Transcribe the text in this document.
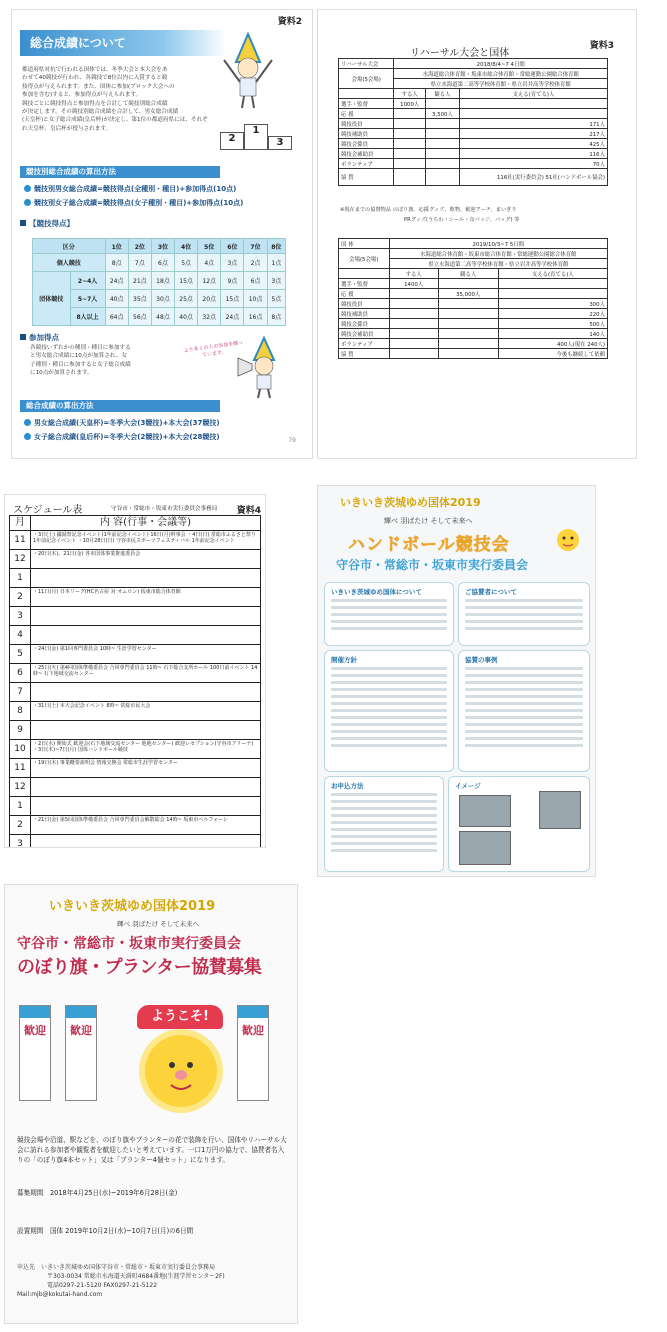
資料2
総合成績について
2
1
3
都道府県対抗で行われる国体では、冬季大会と本大会をあ
わせて40競技が行われ、各競技で8位以内に入賞すると競
技得点が与えられます。また、国体に参加(ブロック大会への
参加を含む)すると、参加得点が与えられます。
競技ごとに競技得点と参加得点を合計して競技別総合成績
が決定します。その競技別総合成績を合計して、男女総合成績
(天皇杯)と女子総合成績(皇后杯)が決定し、第1位の都道府県には、それぞ
れ天皇杯、皇后杯が授与されます。
競技別総合成績の算出方法
競技別男女総合成績=競技得点(全種別・種目)+参加得点(10点)
競技別女子総合成績=競技得点(女子種別・種目)+参加得点(10点)
【競技得点】
区分		1位	2位	3位	4位	5位	6位	7位	8位
個人競技		8点	7点	6点	5点	4点	3点	2点	1点
団体競技	2~4人	24点	21点	18点	15点	12点	9点	6点	3点
	5~7人	40点	35点	30点	25点	20点	15点	10点	5点
	8人以上	64点	56点	48点	40点	32点	24点	16点	8点
参加得点
各競技いずれかの種別・種目に参加する
と男女総合成績に10点が加算され、女
子種別・種目に参加すると女子総合成績
に10点が加算されます。
より多くの人の参加を願っています。
総合成績の算出方法
男女総合成績(天皇杯)=冬季大会(3競技)+本大会(37競技)
女子総合成績(皇后杯)=冬季大会(2競技)+本大会(28競技)	79
資料3
リハーサル大会と国体
リハーサル大会	2018/8/4~7 4日間		
会場(5会場)	水海道総合体育館・坂東市総合体育館・常総運動公園総合体育館		
	県立水海道第二高等学校体育館・県立岩井高等学校体育館		
	する人	観る人	支える(育てる)人
選手・監督	1000人		
応 援		3,500人	
競技役員			171人
競技補助員			217人
競技会係員			425人
競技会補助員			116人
ボランティア			70人
協 賛			116社(実行委員会) 51社(ハンドボール協会)
※現在までの協賛物品 のぼり旗、応援グッズ、飲物、歓迎アーチ、まいぎり
PRグッズ(うちわ・シール・缶バッジ、バッグ) 等
国 体	2019/10/3~7 5日間		
会場(5会場)	水海道総合体育館・坂東市総合体育館・常総運動公園総合体育館		
	県立水海道第二高等学校体育館・県立岩井高等学校体育館		
	する人	観る人	支える(育てる)人
選手・監督	1400人		
応 援		35,000人	
競技役員			300人
競技補助員			220人
競技会係員			500人
競技会補助員			140人
ボランティア			400人(現在 240人)
協 賛			今後も継続して依頼
スケジュール表	守谷市・常総市・坂東市実行委員会事務局 資料4
月	内 容(行事・会議等)
11	・3日(土) 國湯祭記念イベント(1年前記念イベント) 16日(月)幹事会 ・4日(日) 常総市ふるさと祭り 1年前記念イベント ・10月28日(日) 守谷市民スポーツフェスティバル 1年前記念イベント
12	・20日(木)、21日(金) 各市国体事業推進委員会
1	
2	・11日(月) 日本リーグ(HC名古屋 対 オムロン) 坂東市総合体育館
3	
4	
5	・24日(金) 第1回専門委員会 10時~ 生涯学習センター
6	・25日(火) 第4回国体準備委員会 合同専門委員会 11時~ 石下総合支所ホール 100日前イベント 14時~ 石下地域交流センター
7	
8	・31日(土) 本大会記念イベント 8時~ 常総市民大会
9	
10	・2日(水) 開始式 歓迎会(石下地域交流センター 他地センター) 歓迎レセプション(守谷市アリーナ) ・3日(木)~7日(月) 国体ハンドボール競技
11	・19日(木) 事業概要説明会 情報交換会 常総市生涯学習センター
12	
1	
2	・21日(金) 第5回国体準備委員会 合同専門委員会解散総会 14時~ 坂東市ベルフォーレ
3	
いきいき茨城ゆめ国体2019
輝べ 羽ばたけ そして未来へ
ハンドボール競技会
守谷市・常総市・坂東市実行委員会
いきいき茨城ゆめ国体について	ご協賛者について
開催方針	協賛の事例
お申込方法	イメージ
いきいき茨城ゆめ国体2019
輝べ 羽ばたけ そして未来へ
守谷市・常総市・坂東市実行委員会
のぼり旗・プランター協賛募集
歓迎	歓迎	歓迎
ようこそ!
競技会場や沿道、駅などを、のぼり旗やプランターの花で装飾を行い、国体やリハーサル大会に訪れる参加者や観覧者を歓迎したいと考えています。一口1万円の協力で、協賛者名入りの「のぼり旗4本セット」又は「プランター4個セット」になります。
募集期間　 2018年4月25日(水)~2019年6月28日(金)
設置期間　 国体 2019年10月2日(水)~10月7日(月)の6日間
申込先　 いきいき茨城ゆめ国体守谷市・常総市・坂東市実行委員会事務局
〒303-0034 常総市水海道天満町4684番地(生涯学習センター2F)
電話0297-21-5120 FAX0297-21-5122
Mail:mjb@kokutai-hand.com
